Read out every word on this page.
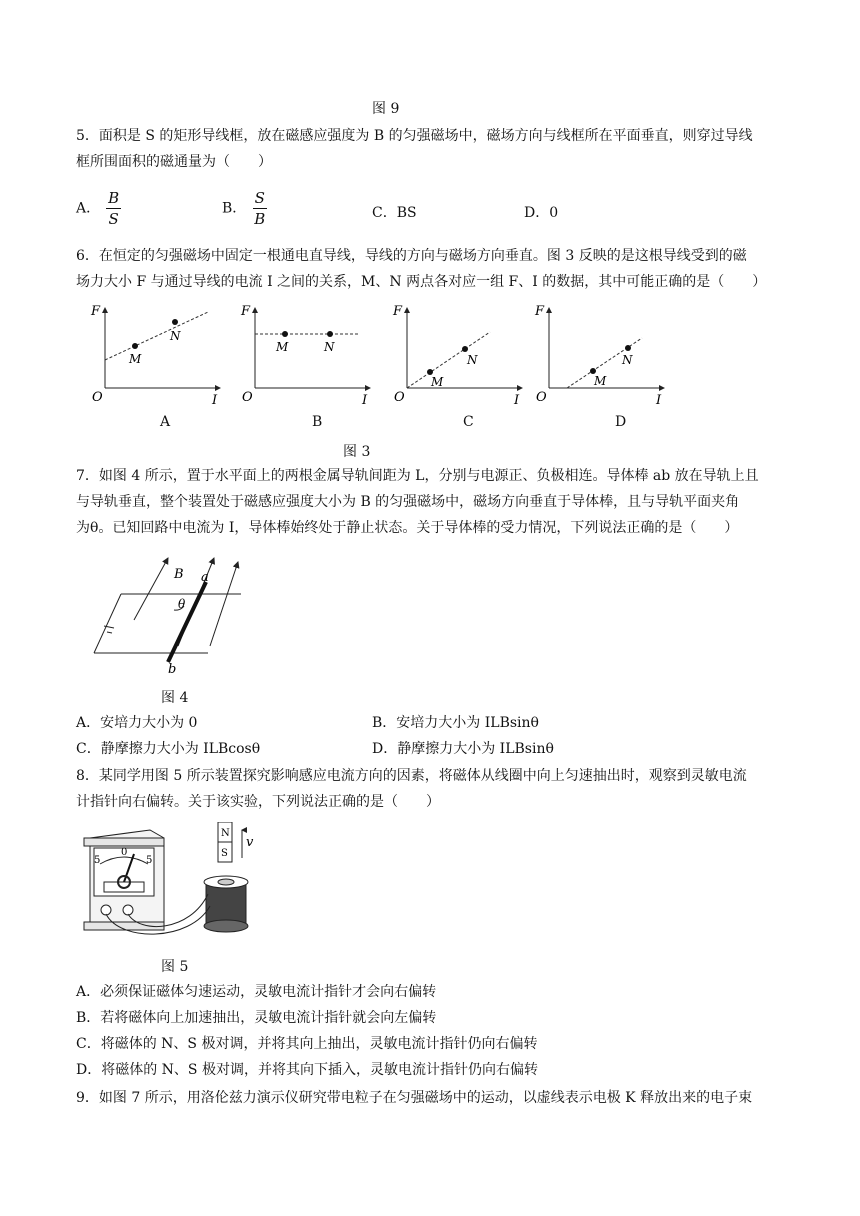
图 9
5．面积是 S 的矩形导线框，放在磁感应强度为 B 的匀强磁场中，磁场方向与线框所在平面垂直，则穿过导线
框所围面积的磁通量为（　　）
A． $\frac{B}{S}$	B． $\frac{S}{B}$	C．BS	D．0
6．在恒定的匀强磁场中固定一根通电直导线，导线的方向与磁场方向垂直。图 3 反映的是这根导线受到的磁
场力大小 F 与通过导线的电流 I 之间的关系，M、N 两点各对应一组 F、I 的数据，其中可能正确的是（　　）
F
O	I
M
N
F
O	I
M	N
F
O	I
M
N
F
O	I
M
N
A	B	C	D
图 3
7．如图 4 所示，置于水平面上的两根金属导轨间距为 L，分别与电源正、负极相连。导体棒 ab 放在导轨上且
与导轨垂直，整个装置处于磁感应强度大小为 B 的匀强磁场中，磁场方向垂直于导体棒，且与导轨平面夹角
为θ。已知回路中电流为 I，导体棒始终处于静止状态。关于导体棒的受力情况，下列说法正确的是（　　）
B a
b
θ
图 4
A．安培力大小为 0	B．安培力大小为 ILBsinθ
C．静摩擦力大小为 ILBcosθ	D．静摩擦力大小为 ILBsinθ
8．某同学用图 5 所示装置探究影响感应电流方向的因素，将磁体从线圈中向上匀速抽出时，观察到灵敏电流
计指针向右偏转。关于该实验，下列说法正确的是（　　）
5
0
5
N
S
v
图 5
A．必须保证磁体匀速运动，灵敏电流计指针才会向右偏转
B．若将磁体向上加速抽出，灵敏电流计指针就会向左偏转
C．将磁体的 N、S 极对调，并将其向上抽出，灵敏电流计指针仍向右偏转
D．将磁体的 N、S 极对调，并将其向下插入，灵敏电流计指针仍向右偏转
9．如图 7 所示，用洛伦兹力演示仪研究带电粒子在匀强磁场中的运动，以虚线表示电极 K 释放出来的电子束
